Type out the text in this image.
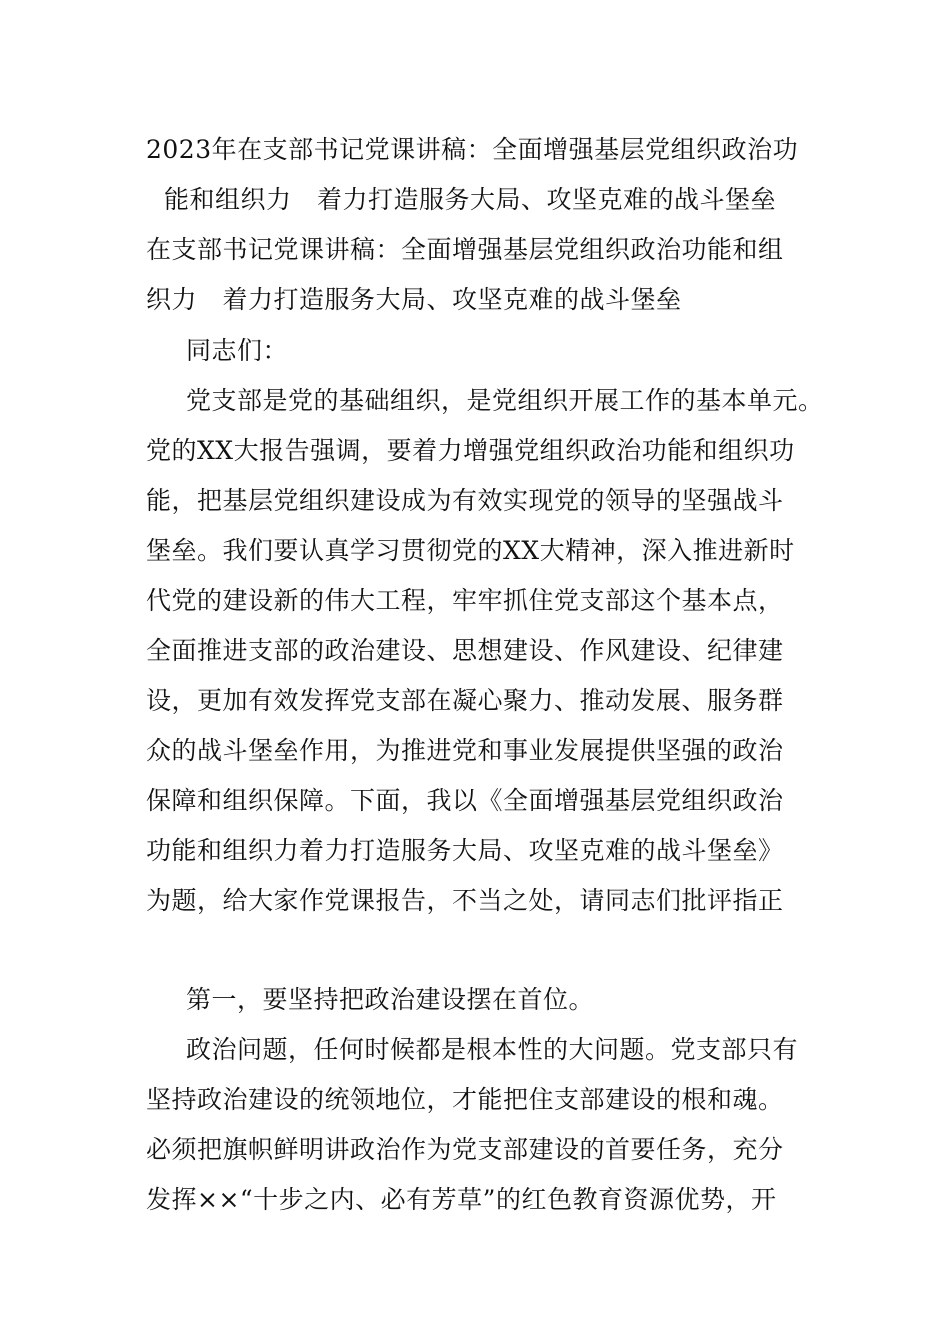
2023年在支部书记党课讲稿：全面增强基层党组织政治功
能和组织力　着力打造服务大局、攻坚克难的战斗堡垒
在支部书记党课讲稿：全面增强基层党组织政治功能和组
织力　着力打造服务大局、攻坚克难的战斗堡垒
同志们：
党支部是党的基础组织，是党组织开展工作的基本单元。
党的XX大报告强调，要着力增强党组织政治功能和组织功
能，把基层党组织建设成为有效实现党的领导的坚强战斗
堡垒。我们要认真学习贯彻党的XX大精神，深入推进新时
代党的建设新的伟大工程，牢牢抓住党支部这个基本点，
全面推进支部的政治建设、思想建设、作风建设、纪律建
设，更加有效发挥党支部在凝心聚力、推动发展、服务群
众的战斗堡垒作用，为推进党和事业发展提供坚强的政治
保障和组织保障。下面，我以《全面增强基层党组织政治
功能和组织力着力打造服务大局、攻坚克难的战斗堡垒》
为题，给大家作党课报告，不当之处，请同志们批评指正
第一，要坚持把政治建设摆在首位。
政治问题，任何时候都是根本性的大问题。党支部只有
坚持政治建设的统领地位，才能把住支部建设的根和魂。
必须把旗帜鲜明讲政治作为党支部建设的首要任务，充分
发挥××“十步之内、必有芳草”的红色教育资源优势，开
